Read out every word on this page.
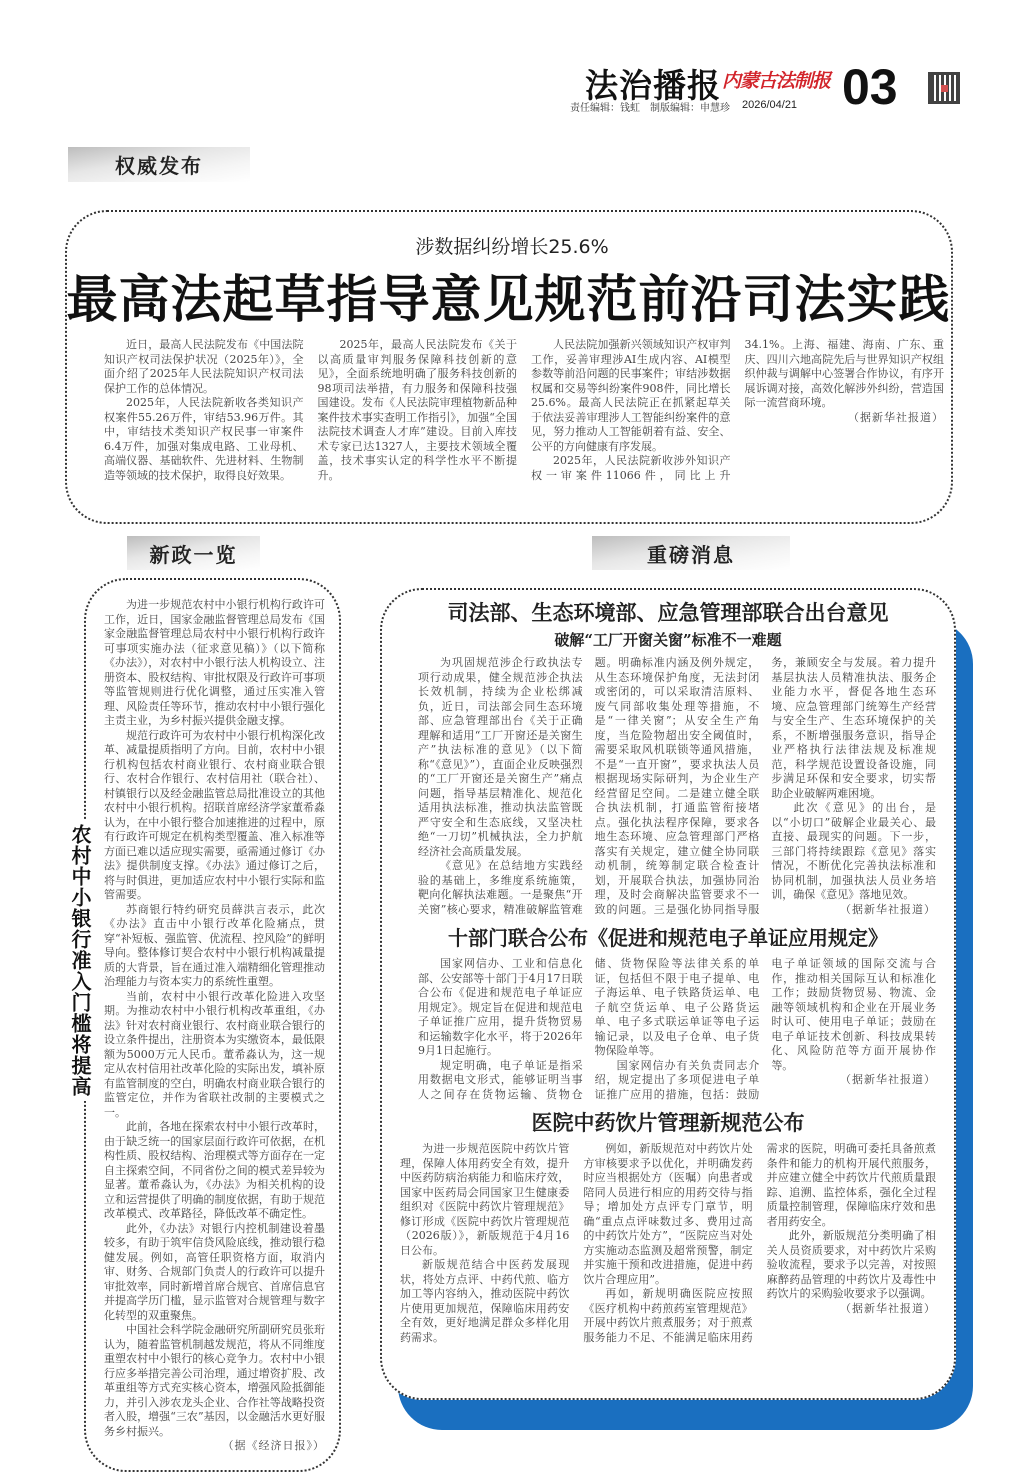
法治播报
责任编辑：钱虹　制版编辑：申慧珍
内蒙古法制报
2026/04/21 03
权威发布
涉数据纠纷增长25.6%
最高法起草指导意见规范前沿司法实践

近日，最高人民法院发布《中国法院知识产权司法保护状况（2025年）》，全面介绍了2025年人民法院知识产权司法保护工作的总体情况。

2025年，人民法院新收各类知识产权案件55.26万件，审结53.96万件。其中，审结技术类知识产权民事一审案件6.4万件，加强对集成电路、工业母机、高端仪器、基础软件、先进材料、生物制造等领域的技术保护，取得良好效果。

2025年，最高人民法院发布《关于以高质量审判服务保障科技创新的意见》，全面系统地明确了服务科技创新的98项司法举措，有力服务和保障科技强国建设。发布《人民法院审理植物新品种案件技术事实查明工作指引》，加强“全国法院技术调查人才库”建设。目前入库技术专家已达1327人，主要技术领域全覆盖，技术事实认定的科学性水平不断提升。

人民法院加强新兴领域知识产权审判工作，妥善审理涉AI生成内容、AI模型参数等前沿问题的民事案件；审结涉数据权属和交易等纠纷案件908件，同比增长25.6%。最高人民法院正在抓紧起草关于依法妥善审理涉人工智能纠纷案件的意见，努力推动人工智能朝着有益、安全、公平的方向健康有序发展。

2025年，人民法院新收涉外知识产权一审案件11066件，同比上升34.1%。上海、福建、海南、广东、重庆、四川六地高院先后与世界知识产权组织仲裁与调解中心签署合作协议，有序开展诉调对接，高效化解涉外纠纷，营造国际一流营商环境。

（据新华社报道）

新政一览	重磅消息

为进一步规范农村中小银行机构行政许可工作，近日，国家金融监督管理总局发布《国家金融监督管理总局农村中小银行机构行政许可事项实施办法（征求意见稿）》（以下简称《办法》），对农村中小银行法人机构设立、注册资本、股权结构、审批权限及行政许可事项等监管规则进行优化调整，通过压实准入管理、风险责任等环节，推动农村中小银行强化主责主业，为乡村振兴提供金融支撑。

规范行政许可为农村中小银行机构深化改革、减量提质指明了方向。目前，农村中小银行机构包括农村商业银行、农村商业联合银行、农村合作银行、农村信用社（联合社）、村镇银行以及经金融监管总局批准设立的其他农村中小银行机构。招联首席经济学家董希淼认为，在中小银行整合加速推进的过程中，原有行政许可规定在机构类型覆盖、准入标准等方面已难以适应现实需要，亟需通过修订《办法》提供制度支撑。《办法》通过修订之后，将与时俱进，更加适应农村中小银行实际和监管需要。

苏商银行特约研究员薛洪言表示，此次《办法》直击中小银行改革化险痛点，贯穿“补短板、强监管、优流程、控风险”的鲜明导向。整体修订契合农村中小银行机构减量提质的大背景，旨在通过准入端精细化管理推动治理能力与资本实力的系统性重塑。

当前，农村中小银行改革化险进入攻坚期。为推动农村中小银行机构改革重组，《办法》针对农村商业银行、农村商业联合银行的设立条件提出，注册资本为实缴资本，最低限额为5000万元人民币。董希淼认为，这一规定从农村信用社改革化险的实际出发，填补原有监管制度的空白，明确农村商业联合银行的监管定位，并作为省联社改制的主要模式之一。

此前，各地在探索农村中小银行改革时，由于缺乏统一的国家层面行政许可依据，在机构性质、股权结构、治理模式等方面存在一定自主探索空间，不同省份之间的模式差异较为显著。董希淼认为，《办法》为相关机构的设立和运营提供了明确的制度依据，有助于规范改革模式、改革路径，降低改革不确定性。

此外，《办法》对银行内控机制建设着墨较多，有助于筑牢信贷风险底线，推动银行稳健发展。例如，高管任职资格方面，取消内审、财务、合规部门负责人的行政许可以提升审批效率，同时新增首席合规官、首席信息官并提高学历门槛，显示监管对合规管理与数字化转型的双重聚焦。

中国社会科学院金融研究所副研究员张珩认为，随着监管机制越发规范，将从不同维度重塑农村中小银行的核心竞争力。农村中小银行应多举措完善公司治理，通过增资扩股、改革重组等方式充实核心资本，增强风险抵御能力，并引入涉农龙头企业、合作社等战略投资者入股，增强“三农”基因，以金融活水更好服务乡村振兴。

（据《经济日报》）

农村中小银行准入门槛将提高
司法部、生态环境部、应急管理部联合出台意见
破解“工厂开窗关窗”标准不一难题

为巩固规范涉企行政执法专项行动成果，健全规范涉企执法长效机制，持续为企业松绑减负，近日，司法部会同生态环境部、应急管理部出台《关于正确理解和适用“工厂开窗还是关窗生产”执法标准的意见》（以下简称“《意见》”），直面企业反映强烈的“工厂开窗还是关窗生产”痛点问题，指导基层精准化、规范化适用执法标准，推动执法监管既严守安全和生态底线，又坚决杜绝“一刀切”机械执法，全力护航经济社会高质量发展。

《意见》在总结地方实践经验的基础上，多维度系统施策，靶向化解执法难题。一是聚焦“开关窗”核心要求，精准破解监管难题。明确标准内涵及例外规定，从生态环境保护角度，无法封闭或密闭的，可以采取清洁原料、废气同部收集处理等措施，不是“一律关窗”；从安全生产角度，当危险物超出安全阈值时，需要采取风机联锁等通风措施，不是“一直开窗”，要求执法人员根据现场实际研判，为企业生产经营留足空间。二是建立健全联合执法机制，打通监管衔接堵点。强化执法程序保障，要求各地生态环境、应急管理部门严格落实有关规定，建立健全协同联动机制，统筹制定联合检查计划，开展联合执法，加强协同治理，及时会商解决监管要求不一致的问题。三是强化协同指导服务，兼顾安全与发展。着力提升基层执法人员精准执法、服务企业能力水平，督促各地生态环境、应急管理部门统筹生产经营与安全生产、生态环境保护的关系，不断增强服务意识，指导企业严格执行法律法规及标准规范，科学规范设置设备设施，同步满足环保和安全要求，切实帮助企业破解两难困境。

此次《意见》的出台，是以“小切口”破解企业最关心、最直接、最现实的问题。下一步，三部门将持续跟踪《意见》落实情况，不断优化完善执法标准和协同机制，加强执法人员业务培训，确保《意见》落地见效。

（据新华社报道）

十部门联合公布《促进和规范电子单证应用规定》

国家网信办、工业和信息化部、公安部等十部门于4月17日联合公布《促进和规范电子单证应用规定》。规定旨在促进和规范电子单证推广应用，提升货物贸易和运输数字化水平，将于2026年9月1日起施行。

规定明确，电子单证是指采用数据电文形式，能够证明当事人之间存在货物运输、货物仓储、货物保险等法律关系的单证，包括但不限于电子提单、电子海运单、电子铁路货运单、电子航空货运单、电子公路货运单、电子多式联运单证等电子运输记录，以及电子仓单、电子货物保险单等。

国家网信办有关负责同志介绍，规定提出了多项促进电子单证推广应用的措施，包括：鼓励电子单证领域的国际交流与合作，推动相关国际互认和标准化工作；鼓励货物贸易、物流、金融等领域机构和企业在开展业务时认可、使用电子单证；鼓励在电子单证技术创新、科技成果转化、风险防范等方面开展协作等。

（据新华社报道）

医院中药饮片管理新规范公布

为进一步规范医院中药饮片管理，保障人体用药安全有效，提升中医药防病治病能力和临床疗效，国家中医药局会同国家卫生健康委组织对《医院中药饮片管理规范》修订形成《医院中药饮片管理规范（2026版）》，新版规范于4月16日公布。

新版规范结合中医药发展现状，将处方点评、中药代煎、临方加工等内容纳入，推动医院中药饮片使用更加规范，保障临床用药安全有效，更好地满足群众多样化用药需求。

例如，新版规范对中药饮片处方审核要求予以优化，并明确发药时应当根据处方（医嘱）向患者或陪同人员进行相应的用药交待与指导；增加处方点评专门章节，明确“重点点评味数过多、费用过高的中药饮片处方”，“医院应当对处方实施动态监测及超常预警，制定并实施干预和改进措施，促进中药饮片合理应用”。

再如，新规明确医院应按照《医疗机构中药煎药室管理规范》开展中药饮片煎煮服务；对于煎煮服务能力不足、不能满足临床用药需求的医院，明确可委托具备煎煮条件和能力的机构开展代煎服务，并应建立健全中药饮片代煎质量跟踪、追溯、监控体系，强化全过程质量控制管理，保障临床疗效和患者用药安全。

此外，新版规范分类明确了相关人员资质要求，对中药饮片采购验收流程，要求予以完善，对按照麻醉药品管理的中药饮片及毒性中药饮片的采购验收要求予以强调。

（据新华社报道）
